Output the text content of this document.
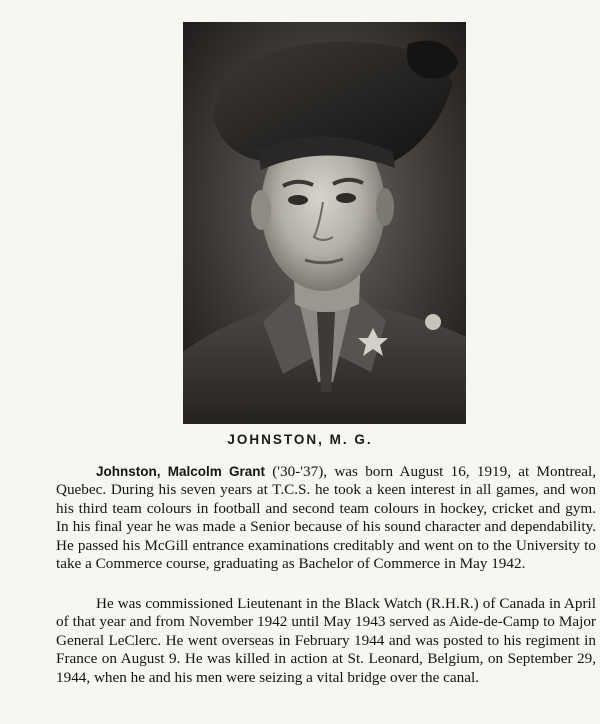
JOHNSTON, M. G.
Johnston, Malcolm Grant ('30-'37), was born August 16, 1919, at Montreal, Quebec. During his seven years at T.C.S. he took a keen interest in all games, and won his third team colours in football and second team colours in hockey, cricket and gym. In his final year he was made a Senior because of his sound character and dependability. He passed his McGill entrance examinations creditably and went on to the University to take a Commerce course, graduating as Bachelor of Commerce in May 1942.
He was commissioned Lieutenant in the Black Watch (R.H.R.) of Canada in April of that year and from November 1942 until May 1943 served as Aide-de-Camp to Major General LeClerc. He went overseas in February 1944 and was posted to his regiment in France on August 9. He was killed in action at St. Leonard, Belgium, on September 29, 1944, when he and his men were seizing a vital bridge over the canal.
